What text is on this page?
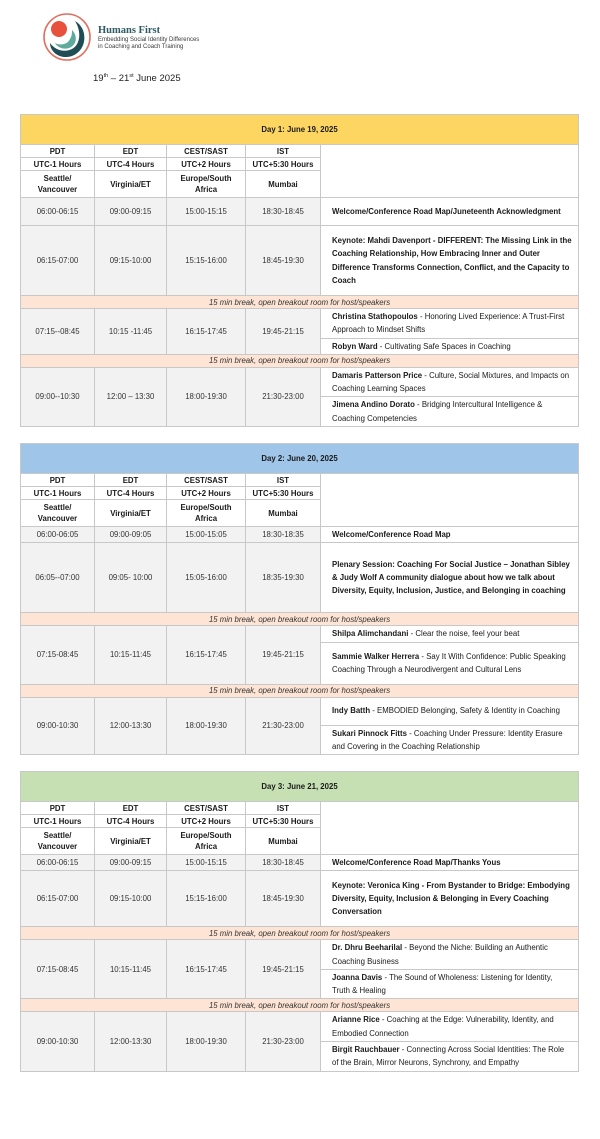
Humans First
Embedding Social Identity Differences
in Coaching and Coach Training
19th – 21st June 2025
Day 1: June 19, 2025				
PDT	EDT	CEST/SAST	IST	
UTC-1 Hours	UTC-4 Hours	UTC+2 Hours	UTC+5:30 Hours	
Seattle/ Vancouver	Virginia/ET	Europe/South Africa	Mumbai	
06:00-06:15	09:00-09:15	15:00-15:15	18:30-18:45	Welcome/Conference Road Map/Juneteenth Acknowledgment
06:15-07:00	09:15-10:00	15:15-16:00	18:45-19:30	Keynote: Mahdi Davenport - DIFFERENT: The Missing Link in the Coaching Relationship, How Embracing Inner and Outer Difference Transforms Connection, Conflict, and the Capacity to Coach
15 min break, open breakout room for host/speakers				
07:15--08:45	10:15 -11:45	16:15-17:45	19:45-21:15	Christina Stathopoulos - Honoring Lived Experience: A Trust-First Approach to Mindset Shifts
				Robyn Ward - Cultivating Safe Spaces in Coaching
15 min break, open breakout room for host/speakers				
09:00--10:30	12:00 – 13:30	18:00-19:30	21:30-23:00	Damaris Patterson Price - Culture, Social Mixtures, and Impacts on Coaching Learning Spaces
				Jimena Andino Dorato - Bridging Intercultural Intelligence & Coaching Competencies
Day 2: June 20, 2025				
PDT	EDT	CEST/SAST	IST	
UTC-1 Hours	UTC-4 Hours	UTC+2 Hours	UTC+5:30 Hours	
Seattle/ Vancouver	Virginia/ET	Europe/South Africa	Mumbai	
06:00-06:05	09:00-09:05	15:00-15:05	18:30-18:35	Welcome/Conference Road Map
06:05--07:00	09:05- 10:00	15:05-16:00	18:35-19:30	Plenary Session: Coaching For Social Justice – Jonathan Sibley & Judy Wolf A community dialogue about how we talk about Diversity, Equity, Inclusion, Justice, and Belonging in coaching
15 min break, open breakout room for host/speakers				
07:15-08:45	10:15-11:45	16:15-17:45	19:45-21:15	Shilpa Alimchandani - Clear the noise, feel your beat
				Sammie Walker Herrera - Say It With Confidence: Public Speaking Coaching Through a Neurodivergent and Cultural Lens
15 min break, open breakout room for host/speakers				
09:00-10:30	12:00-13:30	18:00-19:30	21:30-23:00	Indy Batth - EMBODIED Belonging, Safety & Identity in Coaching
				Sukari Pinnock Fitts - Coaching Under Pressure: Identity Erasure and Covering in the Coaching Relationship
Day 3: June 21, 2025				
PDT	EDT	CEST/SAST	IST	
UTC-1 Hours	UTC-4 Hours	UTC+2 Hours	UTC+5:30 Hours	
Seattle/ Vancouver	Virginia/ET	Europe/South Africa	Mumbai	
06:00-06:15	09:00-09:15	15:00-15:15	18:30-18:45	Welcome/Conference Road Map/Thanks Yous
06:15-07:00	09:15-10:00	15:15-16:00	18:45-19:30	Keynote: Veronica King - From Bystander to Bridge: Embodying Diversity, Equity, Inclusion & Belonging in Every Coaching Conversation
15 min break, open breakout room for host/speakers				
07:15-08:45	10:15-11:45	16:15-17:45	19:45-21:15	Dr. Dhru Beeharilal - Beyond the Niche: Building an Authentic Coaching Business
				Joanna Davis - The Sound of Wholeness: Listening for Identity, Truth & Healing
15 min break, open breakout room for host/speakers				
09:00-10:30	12:00-13:30	18:00-19:30	21:30-23:00	Arianne Rice - Coaching at the Edge: Vulnerability, Identity, and Embodied Connection
				Birgit Rauchbauer - Connecting Across Social Identities: The Role of the Brain, Mirror Neurons, Synchrony, and Empathy
